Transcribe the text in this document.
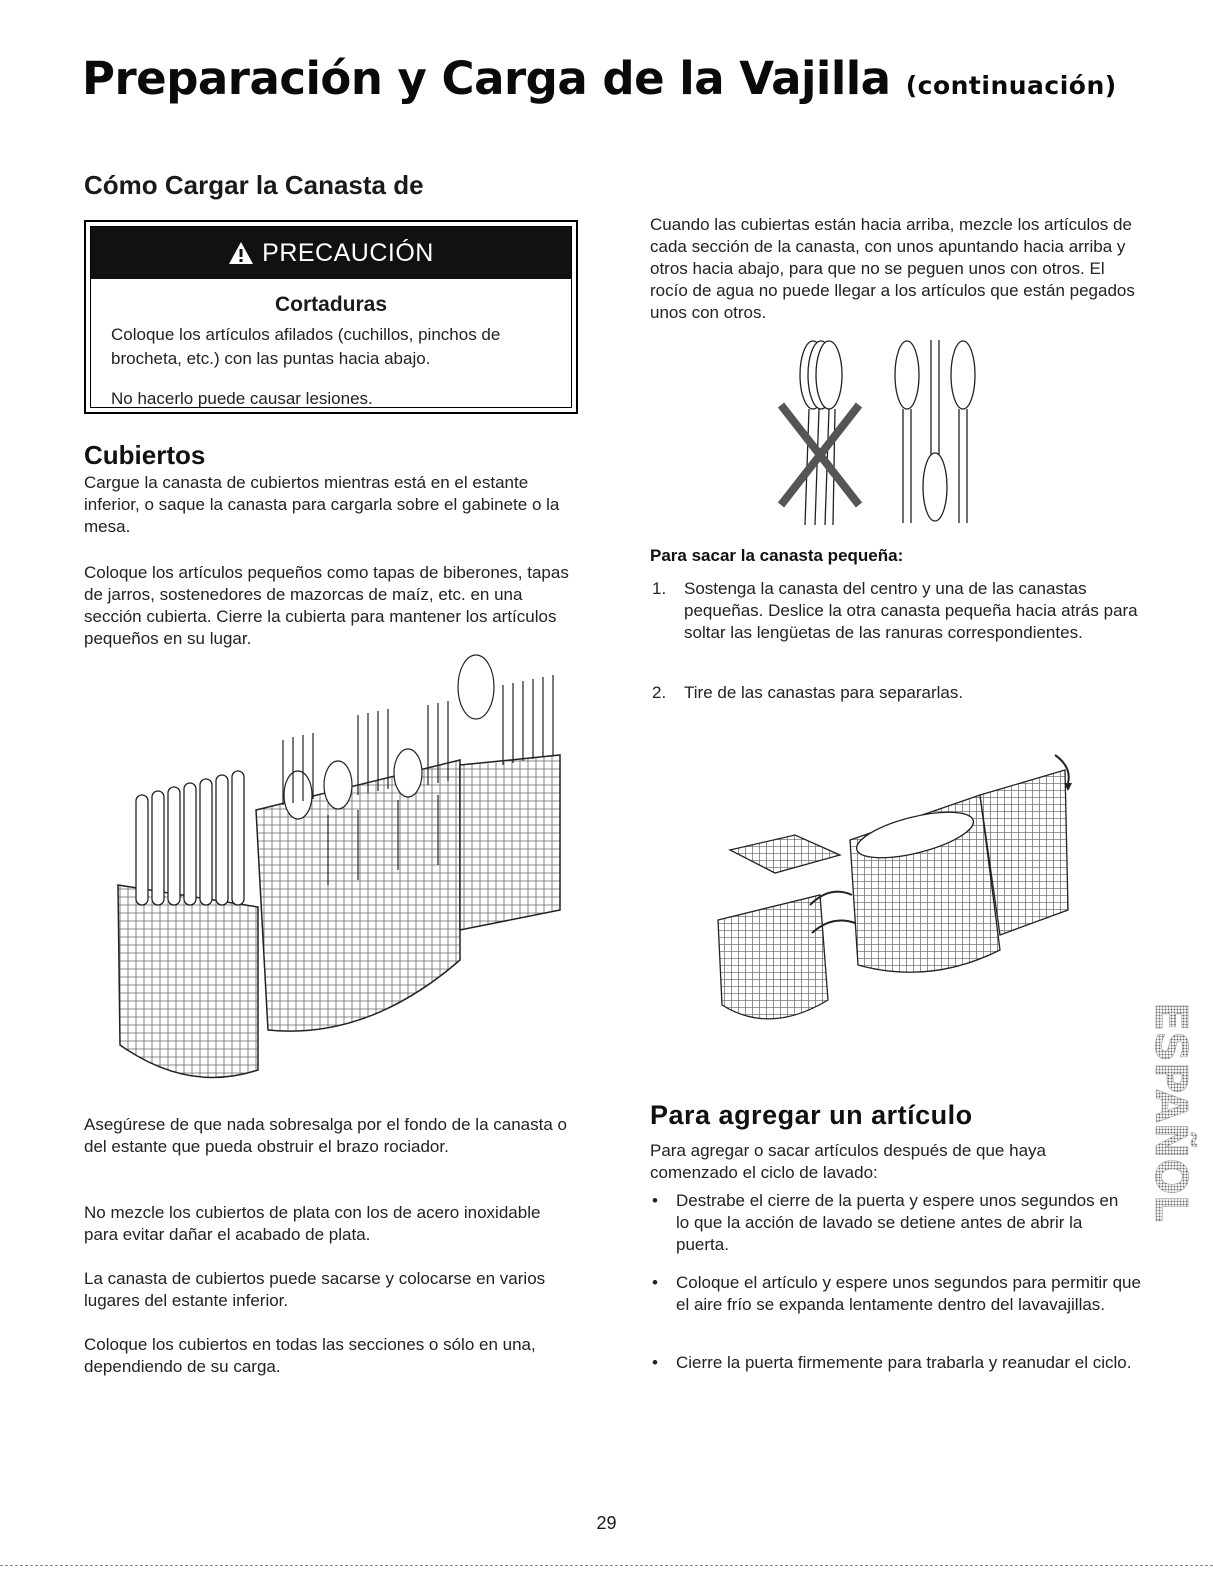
Preparación y Carga de la Vajilla (continuación)
Cómo Cargar la Canasta de
PRECAUCIÓN
Cortaduras
Coloque los artículos afilados (cuchillos, pinchos de brocheta, etc.) con las puntas hacia abajo.
No hacerlo puede causar lesiones.
Cubiertos

Cargue la canasta de cubiertos mientras está en el estante inferior, o saque la canasta para cargarla sobre el gabinete o la mesa.

Coloque los artículos pequeños como tapas de biberones, tapas de jarros, sostenedores de mazorcas de maíz, etc. en una sección cubierta. Cierre la cubierta para mantener los artículos pequeños en su lugar.

Asegúrese de que nada sobresalga por el fondo de la canasta o del estante que pueda obstruir el brazo rociador.

No mezcle los cubiertos de plata con los de acero inoxidable para evitar dañar el acabado de plata.

La canasta de cubiertos puede sacarse y colocarse en varios lugares del estante inferior.

Coloque los cubiertos en todas las secciones o sólo en una, dependiendo de su carga.

Cuando las cubiertas están hacia arriba, mezcle los artículos de cada sección de la canasta, con unos apuntando hacia arriba y otros hacia abajo, para que no se peguen unos con otros. El rocío de agua no puede llegar a los artículos que están pegados unos con otros.

Para sacar la canasta pequeña:
1. Sostenga la canasta del centro y una de las canastas pequeñas. Deslice la otra canasta pequeña hacia atrás para soltar las lengüetas de las ranuras correspondientes.

2. Tire de las canastas para separarlas.

Para agregar un artículo

Para agregar o sacar artículos después de que haya comenzado el ciclo de lavado:

• Destrabe el cierre de la puerta y espere unos segundos en lo que la acción de lavado se detiene antes de abrir la puerta.

• Coloque el artículo y espere unos segundos para permitir que el aire frío se expanda lentamente dentro del lavavajillas.

• Cierre la puerta firmemente para trabarla y reanudar el ciclo.

ESPAÑOL
29
